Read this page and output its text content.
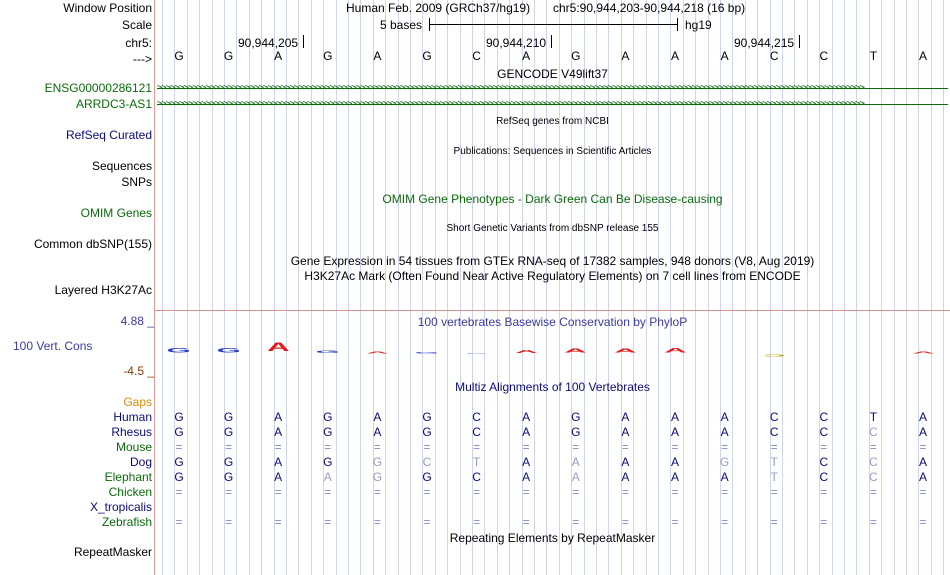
Window Position	Human Feb. 2009 (GRCh37/hg19) chr5:90,944,203-90,944,218 (16 bp)
Scale	5 bases	hg19
chr5:	90,944,205	90,944,210	90,944,215
--->	G	G	A	G	A	G	C	A	G	A	A	A	C	C	T	A
GENCODE V49lift37
ENSG00000286121 >>>>>>>>>>>>>>>>>>>>>>>>>>>>>>>>>>>>>>>>>>>>>>>>>>>>>>>>>>>>>>>>>>>>>>>>>>>>>>>>>>>>>>>>>>>>>>>>>>>>>>>>>>>>>>>>>>>>>>>>>>>>>>>>>>>>>>>>>>>>>>>>>>>>>>>>>>>>>>>>
ARRDC3-AS1 >>>>>>>>>>>>>>>>>>>>>>>>>>>>>>>>>>>>>>>>>>>>>>>>>>>>>>>>>>>>>>>>>>>>>>>>>>>>>>>>>>>>>>>>>>>>>>>>>>>>>>>>>>>>>>>>>>>>>>>>>>>>>>>>>>>>>>>>>>>>>>>>>>>>>>>>>>>>>>>>
RefSeq genes from NCBI
RefSeq Curated
Publications: Sequences in Scientific Articles
Sequences
SNPs
OMIM Gene Phenotypes - Dark Green Can Be Disease-causing
OMIM Genes
Short Genetic Variants from dbSNP release 155
Common dbSNP(155)
Gene Expression in 54 tissues from GTEx RNA-seq of 17382 samples, 948 donors (V8, Aug 2019)
H3K27Ac Mark (Often Found Near Active Regulatory Elements) on 7 cell lines from ENCODE
Layered H3K27Ac
4.88 _	100 vertebrates Basewise Conservation by PhyloP
100 Vert. Cons	G	G	A	G	A	G	C	A	A	A	A
C
A
-4.5 _
Multiz Alignments of 100 Vertebrates
Gaps
Human	G	G	A	G	A	G	C	A	G	A	A	A	C	C	T	A
Rhesus	G	G	A	G	A	G	C	A	G	A	A	A	C	C	C	A
Mouse	=	=	=	=	=	=	=	=	=	=	=	=	=	=	=	=
Dog	G	G	A	G	G	C	T	A	A	A	A	G	T	C	C	A
Elephant	G	G	A	A	G	G	C	A	A	A	A	A	T	C	C	A
Chicken	=	=	=	=	=	=	=	=	=	=	=	=	=	=	=	=
X_tropicalis
Zebrafish	=	=	=	=	=	=	=	=	=	=	=	=	=	=	=	=
Repeating Elements by RepeatMasker
RepeatMasker
